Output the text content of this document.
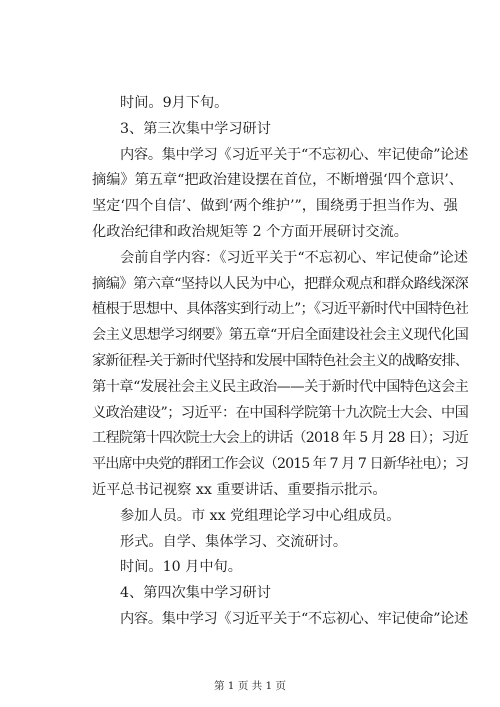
时间。9月下旬。
3、第三次集中学习研讨
内容。集中学习《习近平关于“不忘初心、牢记使命”论述
摘编》第五章“把政治建设摆在首位，不断增强‘四个意识’、
坚定‘四个自信’、做到‘两个维护’”，围绕勇于担当作为、强
化政治纪律和政治规矩等 2 个方面开展研讨交流。
会前自学内容：《习近平关于“不忘初心、牢记使命”论述
摘编》第六章“坚持以人民为中心，把群众观点和群众路线深深
植根于思想中、具体落实到行动上”；《习近平新时代中国特色社
会主义思想学习纲要》第五章“开启全面建设社会主义现代化国
家新征程-关于新时代坚持和发展中国特色社会主义的战略安排、
第十章“发展社会主义民主政治——关于新时代中国特色这会主
义政治建设”；习近平：在中国科学院第十九次院士大会、中国
工程院第十四次院士大会上的讲话（2018 年 5 月 28 日）；习近
平出席中央党的群团工作会议（2015 年 7 月 7 日新华社电）；习
近平总书记视察 xx 重要讲话、重要指示批示。
参加人员。市 xx 党组理论学习中心组成员。
形式。自学、集体学习、交流研讨。
时间。10 月中旬。
4、第四次集中学习研讨
内容。集中学习《习近平关于“不忘初心、牢记使命”论述
第 1 页 共 1 页
